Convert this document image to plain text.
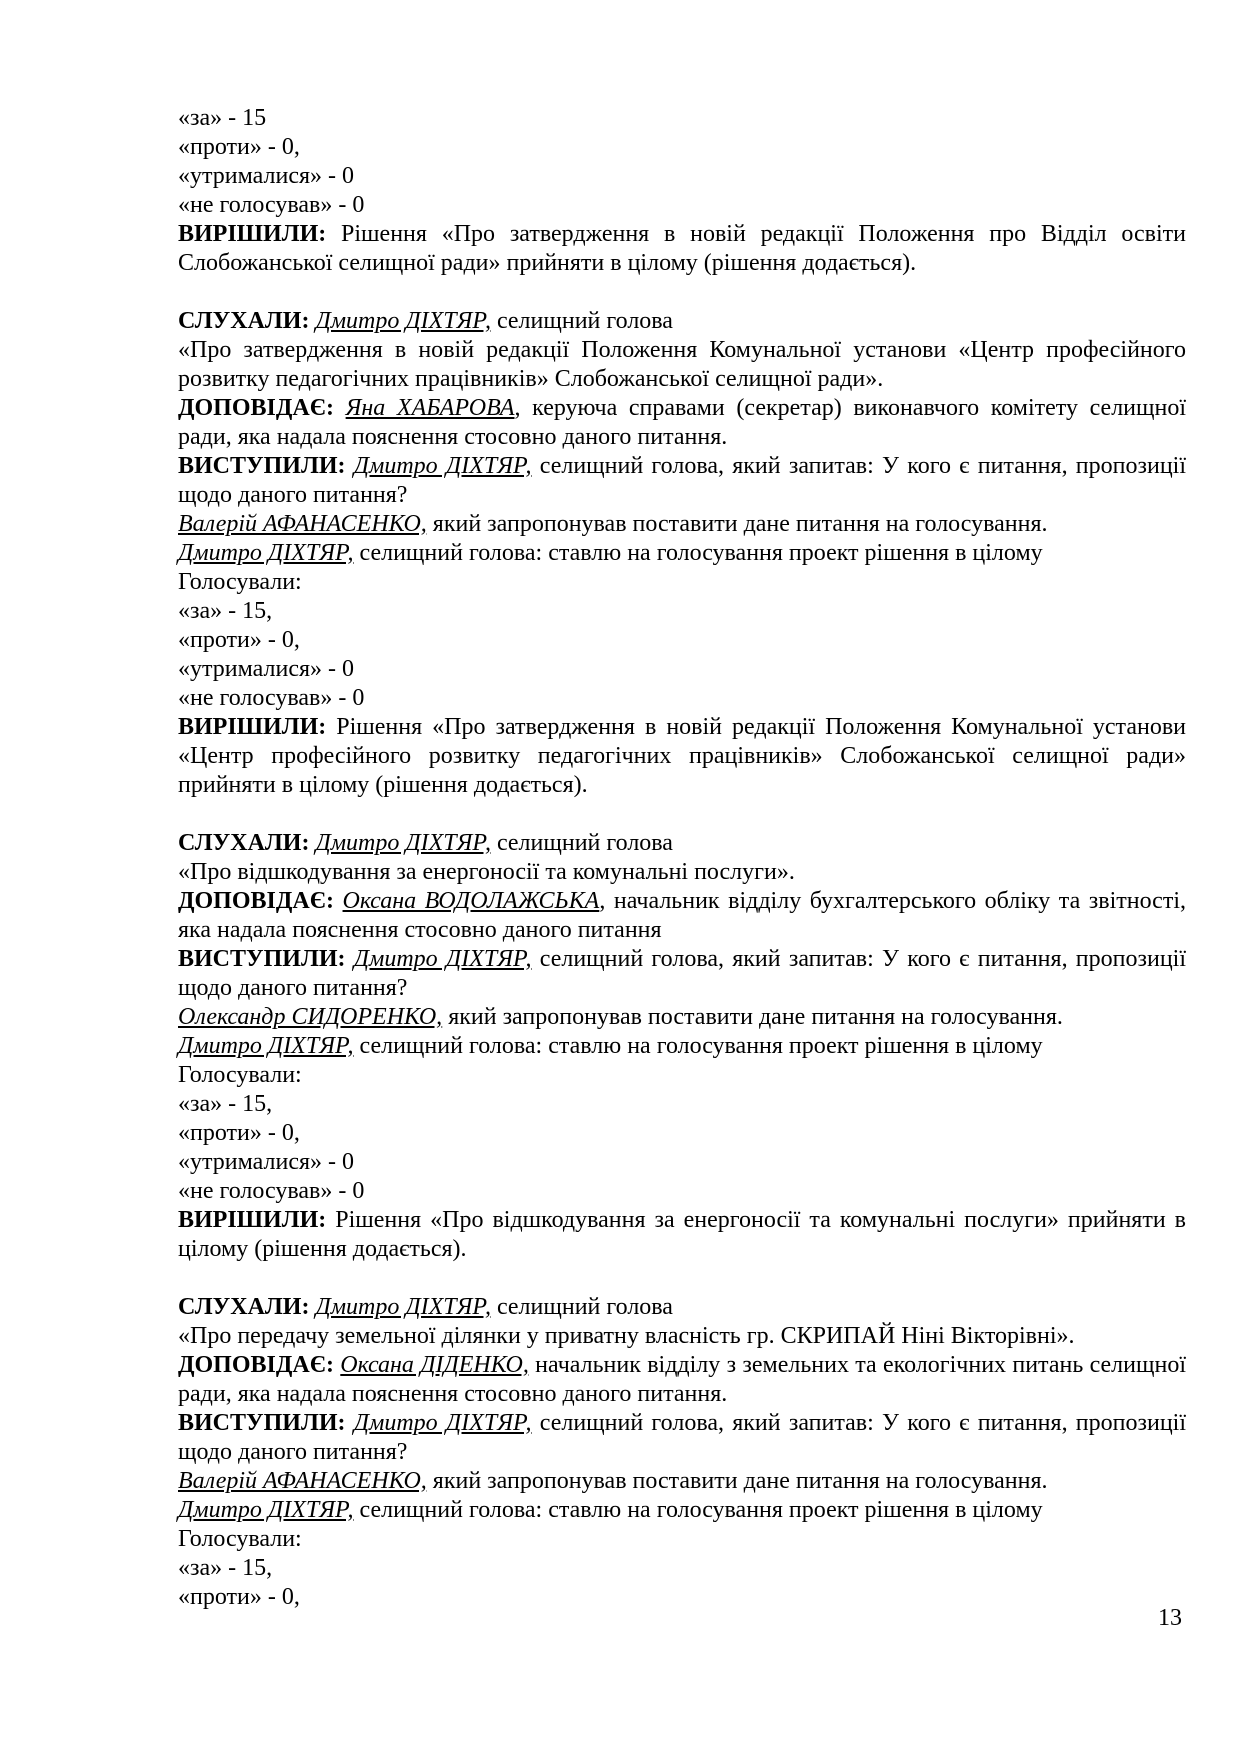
«за» - 15

«проти» - 0,

«утрималися» - 0

«не голосував» - 0

ВИРІШИЛИ: Рішення «Про затвердження в новій редакції Положення про Відділ освіти Слобожанської селищної ради» прийняти в цілому (рішення додається).

СЛУХАЛИ: Дмитро ДІХТЯР, селищний голова

«Про затвердження в новій редакції Положення Комунальної установи «Центр професійного розвитку педагогічних працівників» Слобожанської селищної ради».

ДОПОВІДАЄ: Яна ХАБАРОВА, керуюча справами (секретар) виконавчого комітету селищної ради, яка надала пояснення стосовно даного питання.

ВИСТУПИЛИ: Дмитро ДІХТЯР, селищний голова, який запитав: У кого є питання, пропозиції щодо даного питання?

Валерій АФАНАСЕНКО, який запропонував поставити дане питання на голосування.

Дмитро ДІХТЯР, селищний голова: ставлю на голосування проект рішення в цілому

Голосували:

«за» - 15,

«проти» - 0,

«утрималися» - 0

«не голосував» - 0

ВИРІШИЛИ: Рішення «Про затвердження в новій редакції Положення Комунальної установи «Центр професійного розвитку педагогічних працівників» Слобожанської селищної ради» прийняти в цілому (рішення додається).

СЛУХАЛИ: Дмитро ДІХТЯР, селищний голова

«Про відшкодування за енергоносії та комунальні послуги».

ДОПОВІДАЄ: Оксана ВОДОЛАЖСЬКА, начальник відділу бухгалтерського обліку та звітності, яка надала пояснення стосовно даного питання

ВИСТУПИЛИ: Дмитро ДІХТЯР, селищний голова, який запитав: У кого є питання, пропозиції щодо даного питання?

Олександр СИДОРЕНКО, який запропонував поставити дане питання на голосування.

Дмитро ДІХТЯР, селищний голова: ставлю на голосування проект рішення в цілому

Голосували:

«за» - 15,

«проти» - 0,

«утрималися» - 0

«не голосував» - 0

ВИРІШИЛИ: Рішення «Про відшкодування за енергоносії та комунальні послуги» прийняти в цілому (рішення додається).

СЛУХАЛИ: Дмитро ДІХТЯР, селищний голова

«Про передачу земельної ділянки у приватну власність гр. СКРИПАЙ Ніні Вікторівні».

ДОПОВІДАЄ: Оксана ДІДЕНКО, начальник відділу з земельних та екологічних питань селищної ради, яка надала пояснення стосовно даного питання.

ВИСТУПИЛИ: Дмитро ДІХТЯР, селищний голова, який запитав: У кого є питання, пропозиції щодо даного питання?

Валерій АФАНАСЕНКО, який запропонував поставити дане питання на голосування.

Дмитро ДІХТЯР, селищний голова: ставлю на голосування проект рішення в цілому

Голосували:

«за» - 15,

«проти» - 0,

13
